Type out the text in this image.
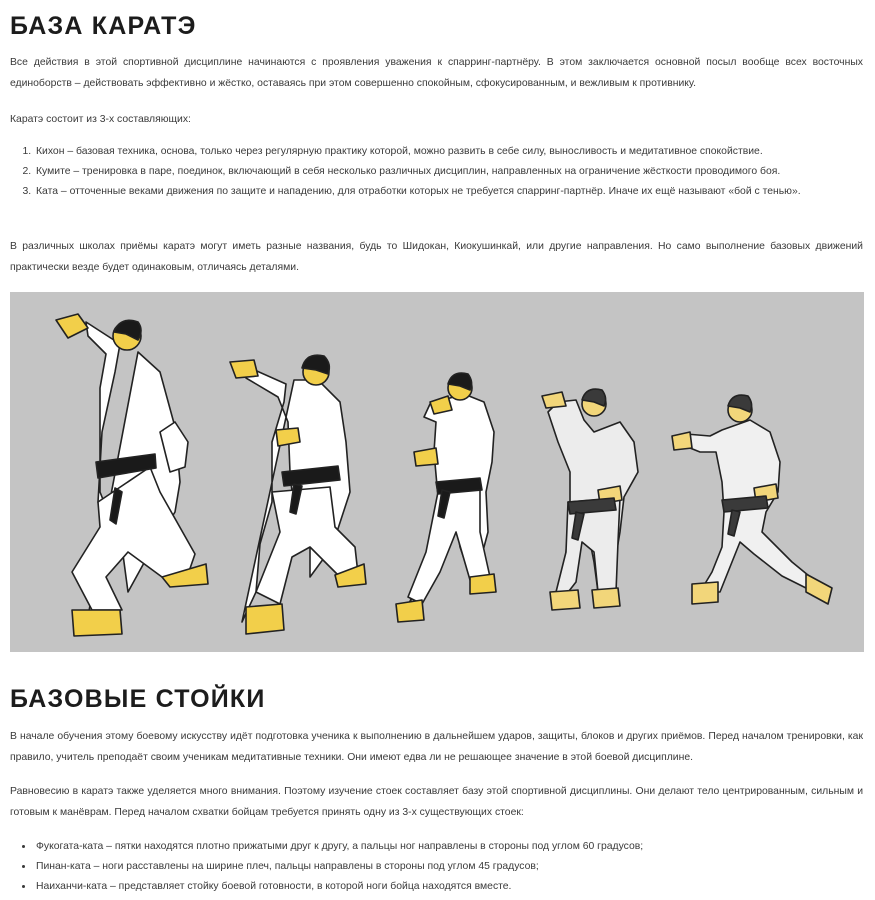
БАЗА КАРАТЭ

Все действия в этой спортивной дисциплине начинаются с проявления уважения к спарринг-партнёру. В этом заключается основной посыл вообще всех восточных единоборств – действовать эффективно и жёстко, оставаясь при этом совершенно спокойным, сфокусированным, и вежливым к противнику.

Каратэ состоит из 3-х составляющих:

1. Кихон – базовая техника, основа, только через регулярную практику которой, можно развить в себе силу, выносливость и медитативное спокойствие.
2. Кумите – тренировка в паре, поединок, включающий в себя несколько различных дисциплин, направленных на ограничение жёсткости проводимого боя.
3. Ката – отточенные веками движения по защите и нападению, для отработки которых не требуется спарринг-партнёр. Иначе их ещё называют «бой с тенью».

В различных школах приёмы каратэ могут иметь разные названия, будь то Шидокан, Киокушинкай, или другие направления. Но само выполнение базовых движений практически везде будет одинаковым, отличаясь деталями.

БАЗОВЫЕ СТОЙКИ

В начале обучения этому боевому искусству идёт подготовка ученика к выполнению в дальнейшем ударов, защиты, блоков и других приёмов. Перед началом тренировки, как правило, учитель преподаёт своим ученикам медитативные техники. Они имеют едва ли не решающее значение в этой боевой дисциплине.

Равновесию в каратэ также уделяется много внимания. Поэтому изучение стоек составляет базу этой спортивной дисциплины. Они делают тело центрированным, сильным и готовым к манёврам. Перед началом схватки бойцам требуется принять одну из 3-х существующих стоек:

• Фукогата-ката – пятки находятся плотно прижатыми друг к другу, а пальцы ног направлены в стороны под углом 60 градусов;
• Пинан-ката – ноги расставлены на ширине плеч, пальцы направлены в стороны под углом 45 градусов;
• Наиханчи-ката – представляет стойку боевой готовности, в которой ноги бойца находятся вместе.
